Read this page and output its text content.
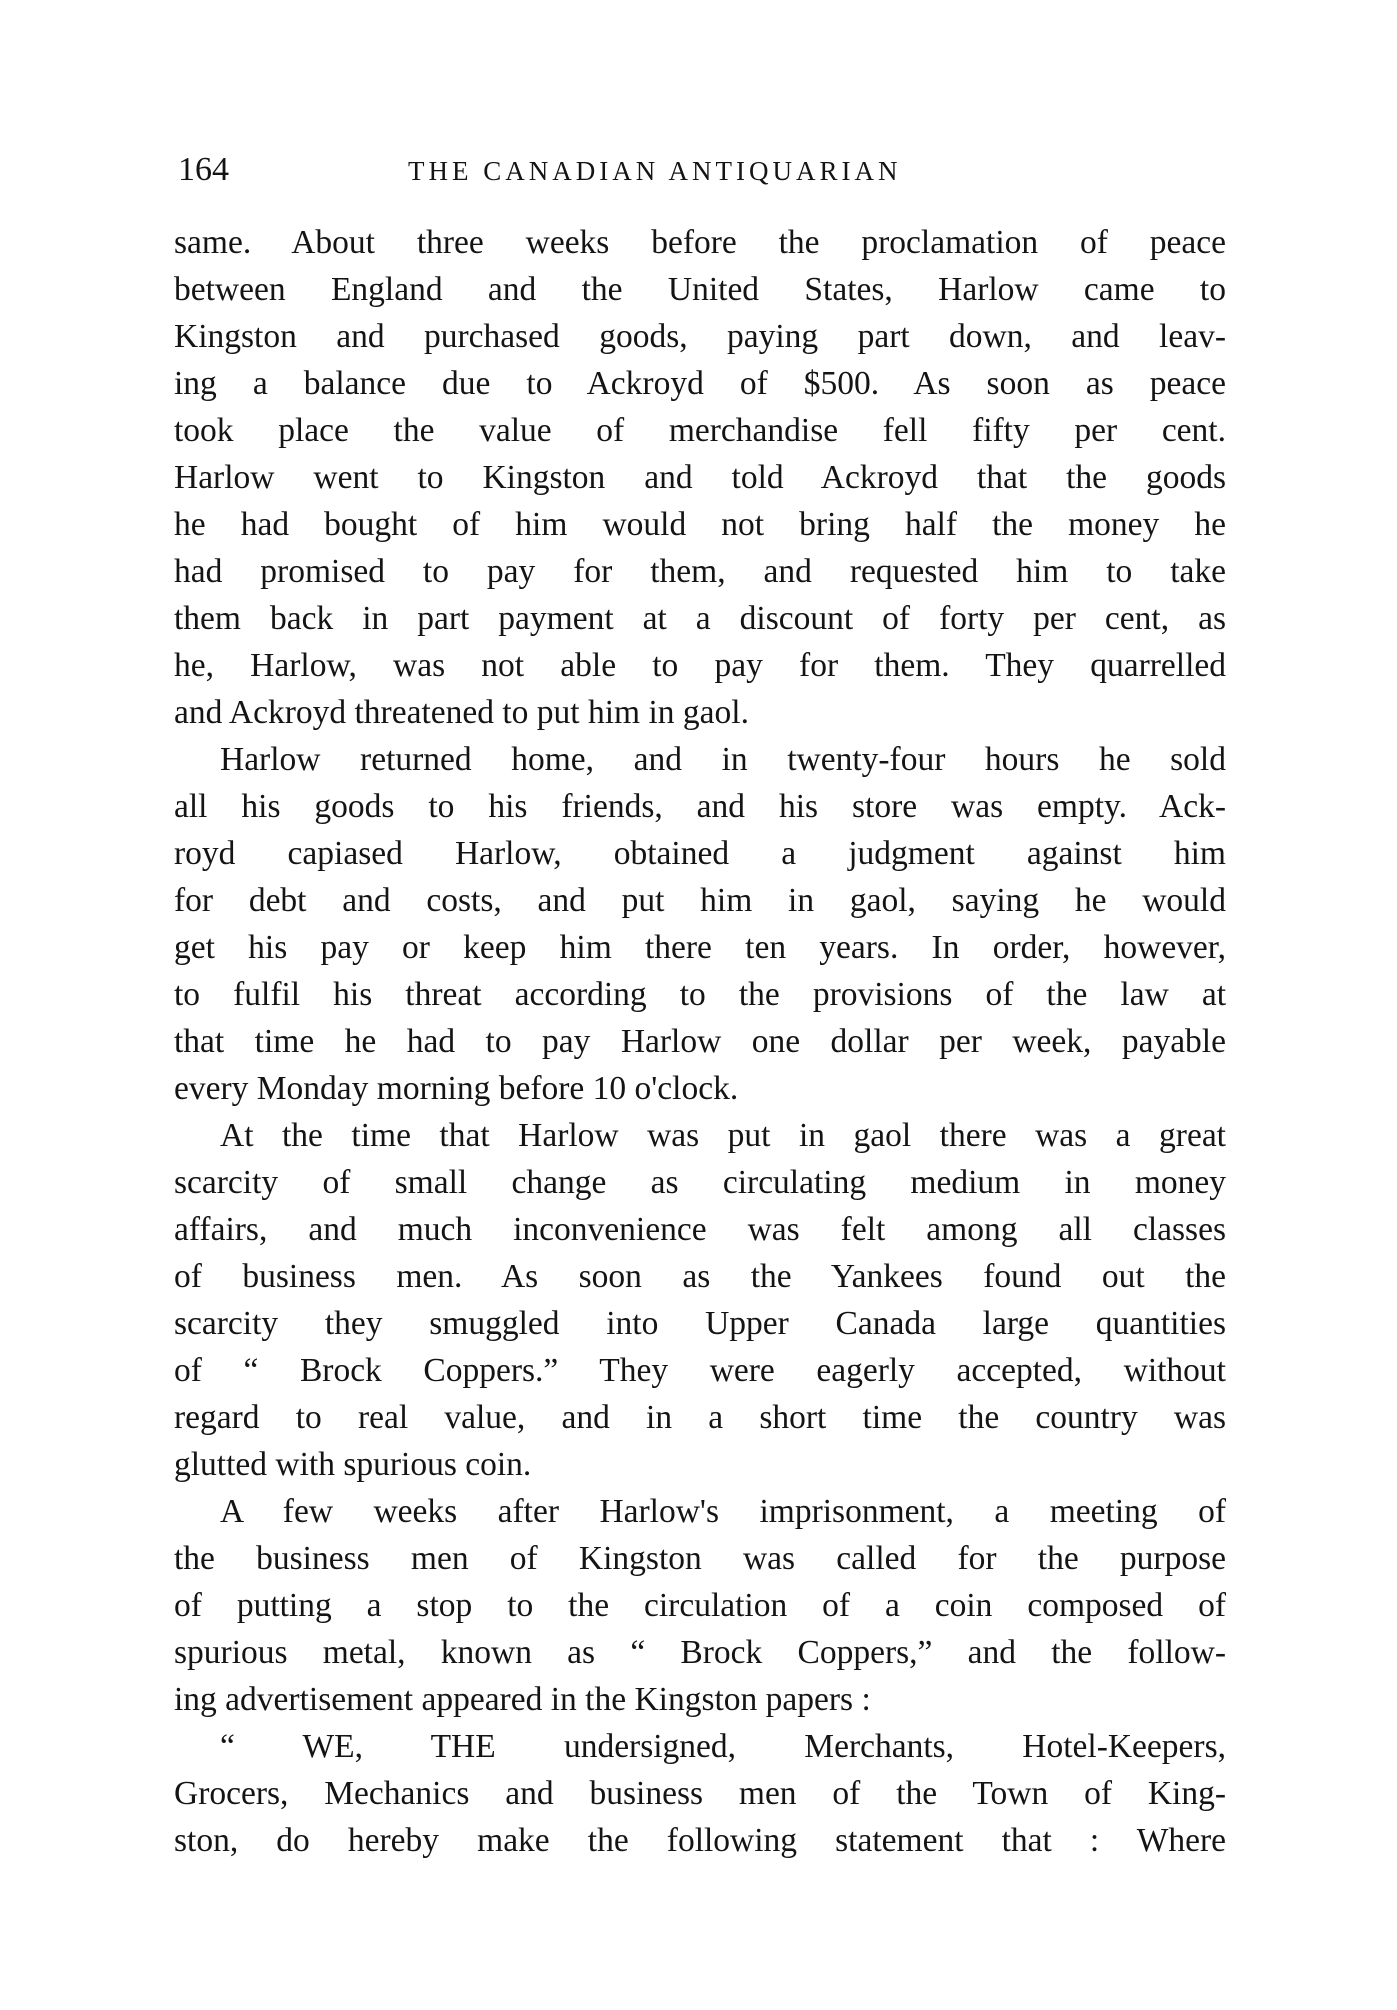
164	THE CANADIAN ANTIQUARIAN
same. About three weeks before the proclamation of peace
between England and the United States, Harlow came to
Kingston and purchased goods, paying part down, and leav-
ing a balance due to Ackroyd of $500. As soon as peace
took place the value of merchandise fell fifty per cent.
Harlow went to Kingston and told Ackroyd that the goods
he had bought of him would not bring half the money he
had promised to pay for them, and requested him to take
them back in part payment at a discount of forty per cent, as
he, Harlow, was not able to pay for them. They quarrelled
and Ackroyd threatened to put him in gaol.
Harlow returned home, and in twenty-four hours he sold
all his goods to his friends, and his store was empty. Ack-
royd capiased Harlow, obtained a judgment against him
for debt and costs, and put him in gaol, saying he would
get his pay or keep him there ten years. In order, however,
to fulfil his threat according to the provisions of the law at
that time he had to pay Harlow one dollar per week, payable
every Monday morning before 10 o'clock.
At the time that Harlow was put in gaol there was a great
scarcity of small change as circulating medium in money
affairs, and much inconvenience was felt among all classes
of business men. As soon as the Yankees found out the
scarcity they smuggled into Upper Canada large quantities
of “ Brock Coppers.” They were eagerly accepted, without
regard to real value, and in a short time the country was
glutted with spurious coin.
A few weeks after Harlow's imprisonment, a meeting of
the business men of Kingston was called for the purpose
of putting a stop to the circulation of a coin composed of
spurious metal, known as “ Brock Coppers,” and the follow-
ing advertisement appeared in the Kingston papers :
“ WE, THE undersigned, Merchants, Hotel-Keepers,
Grocers, Mechanics and business men of the Town of King-
ston, do hereby make the following statement that : Where
